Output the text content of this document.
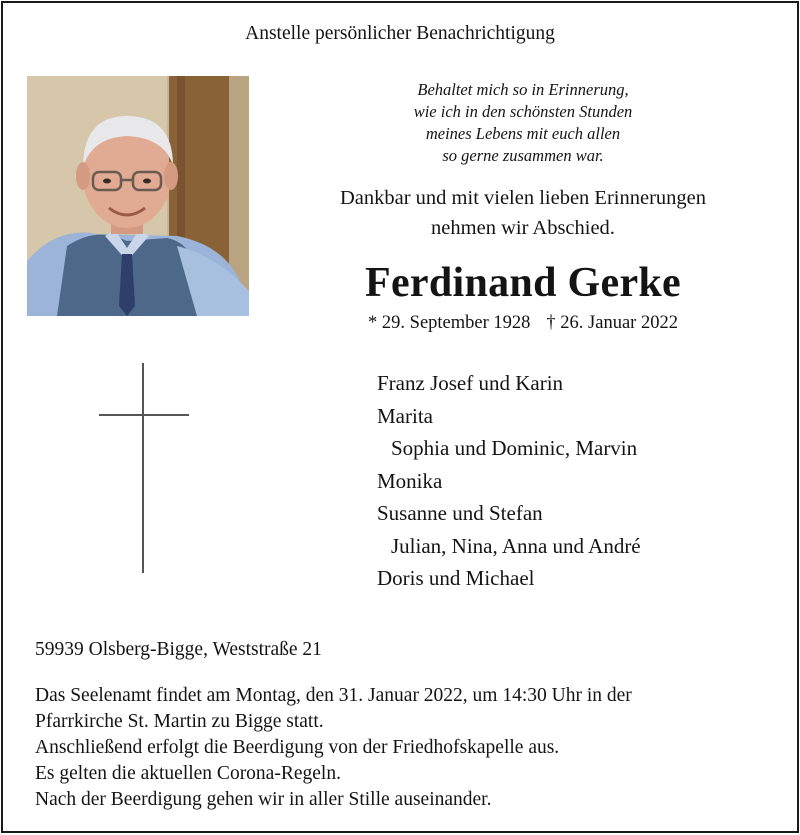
Anstelle persönlicher Benachrichtigung
Behaltet mich so in Erinnerung,
wie ich in den schönsten Stunden
meines Lebens mit euch allen
so gerne zusammen war.
Dankbar und mit vielen lieben Erinnerungen
nehmen wir Abschied.
Ferdinand Gerke
* 29. September 1928 † 26. Januar 2022
Franz Josef und Karin
Marita
Sophia und Dominic, Marvin
Monika
Susanne und Stefan
Julian, Nina, Anna und André
Doris und Michael
59939 Olsberg-Bigge, Weststraße 21
Das Seelenamt findet am Montag, den 31. Januar 2022, um 14:30 Uhr in der
Pfarrkirche St. Martin zu Bigge statt.
Anschließend erfolgt die Beerdigung von der Friedhofskapelle aus.
Es gelten die aktuellen Corona-Regeln.
Nach der Beerdigung gehen wir in aller Stille auseinander.
